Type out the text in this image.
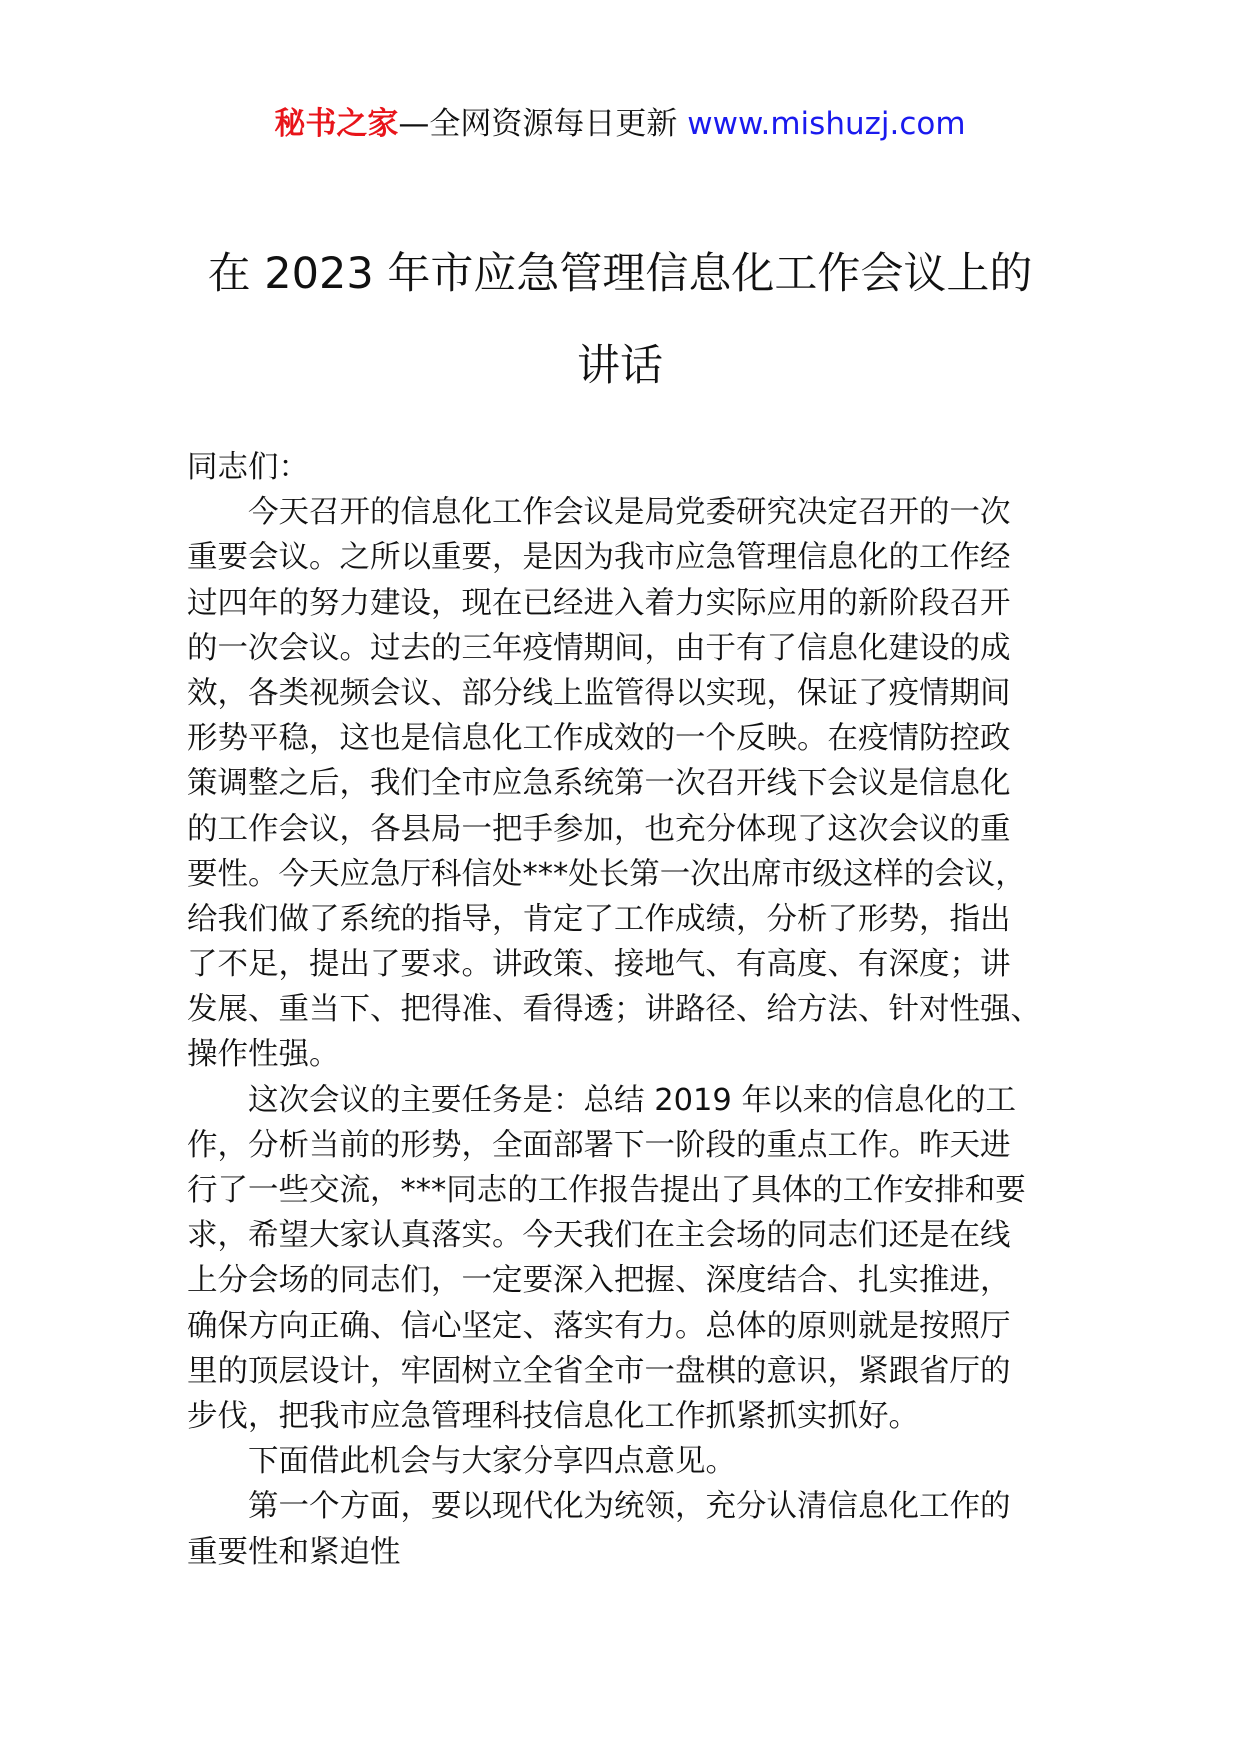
秘书之家—全网资源每日更新 www.mishuzj.com
在 2023 年市应急管理信息化工作会议上的
讲话
同志们：
今天召开的信息化工作会议是局党委研究决定召开的一次
重要会议。之所以重要，是因为我市应急管理信息化的工作经
过四年的努力建设，现在已经进入着力实际应用的新阶段召开
的一次会议。过去的三年疫情期间，由于有了信息化建设的成
效，各类视频会议、部分线上监管得以实现，保证了疫情期间
形势平稳，这也是信息化工作成效的一个反映。在疫情防控政
策调整之后，我们全市应急系统第一次召开线下会议是信息化
的工作会议，各县局一把手参加，也充分体现了这次会议的重
要性。今天应急厅科信处***处长第一次出席市级这样的会议，
给我们做了系统的指导，肯定了工作成绩，分析了形势，指出
了不足，提出了要求。讲政策、接地气、有高度、有深度；讲
发展、重当下、把得准、看得透；讲路径、给方法、针对性强、
操作性强。
这次会议的主要任务是：总结 2019 年以来的信息化的工
作，分析当前的形势，全面部署下一阶段的重点工作。昨天进
行了一些交流，***同志的工作报告提出了具体的工作安排和要
求，希望大家认真落实。今天我们在主会场的同志们还是在线
上分会场的同志们，一定要深入把握、深度结合、扎实推进，
确保方向正确、信心坚定、落实有力。总体的原则就是按照厅
里的顶层设计，牢固树立全省全市一盘棋的意识，紧跟省厅的
步伐，把我市应急管理科技信息化工作抓紧抓实抓好。
下面借此机会与大家分享四点意见。
第一个方面，要以现代化为统领，充分认清信息化工作的
重要性和紧迫性
